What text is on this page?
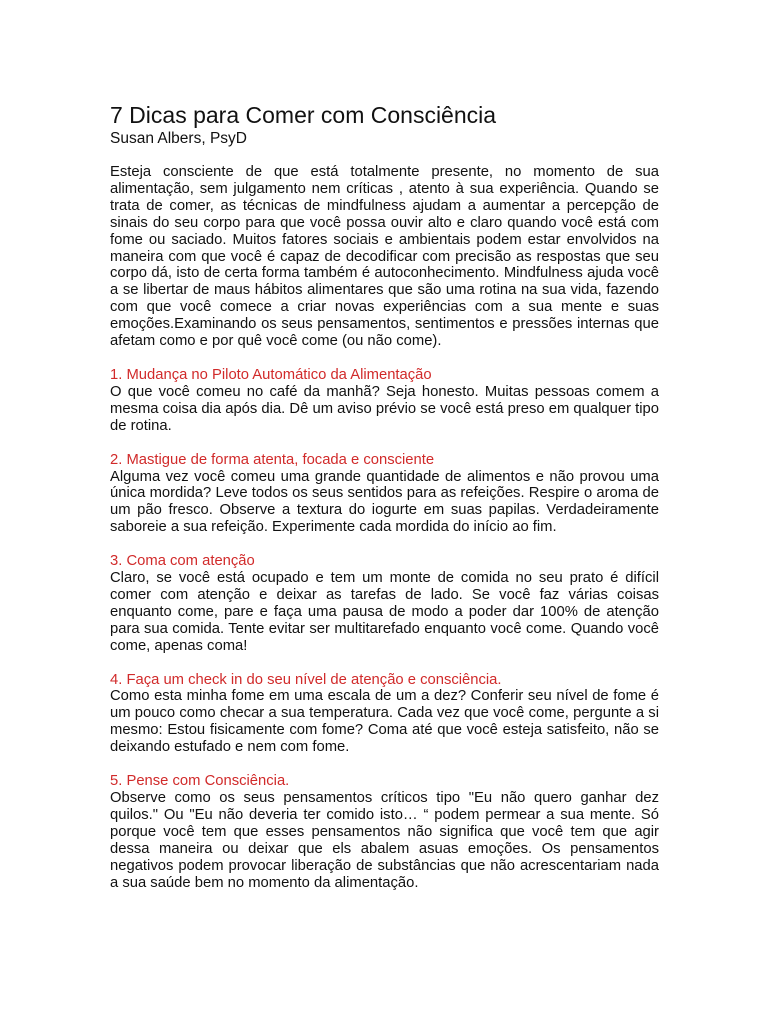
7 Dicas para Comer com Consciência

Susan Albers, PsyD

Esteja consciente de que está totalmente presente, no momento de sua alimentação, sem julgamento nem críticas , atento à sua experiência. Quando se trata de comer, as técnicas de mindfulness ajudam a aumentar a percepção de sinais do seu corpo para que você possa ouvir alto e claro quando você está com fome ou saciado. Muitos fatores sociais e ambientais podem estar envolvidos na maneira com que você é capaz de decodificar com precisão as respostas que seu corpo dá, isto de certa forma também é autoconhecimento. Mindfulness ajuda você a se libertar de maus hábitos alimentares que são uma rotina na sua vida, fazendo com que você comece a criar novas experiências com a sua mente e suas emoções.Examinando os seus pensamentos, sentimentos e pressões internas que afetam como e por quê você come (ou não come).

1. Mudança no Piloto Automático da Alimentação

O que você comeu no café da manhã? Seja honesto. Muitas pessoas comem a mesma coisa dia após dia. Dê um aviso prévio se você está preso em qualquer tipo de rotina.

2. Mastigue de forma atenta, focada e consciente

Alguma vez você comeu uma grande quantidade de alimentos e não provou uma única mordida? Leve todos os seus sentidos para as refeições. Respire o aroma de um pão fresco. Observe a textura do iogurte em suas papilas. Verdadeiramente saboreie a sua refeição. Experimente cada mordida do início ao fim.

3. Coma com atenção

Claro, se você está ocupado e tem um monte de comida no seu prato é difícil comer com atenção e deixar as tarefas de lado. Se você faz várias coisas enquanto come, pare e faça uma pausa de modo a poder dar 100% de atenção para sua comida. Tente evitar ser multitarefado enquanto você come. Quando você come, apenas coma!

4. Faça um check in do seu nível de atenção e consciência.

Como esta minha fome em uma escala de um a dez? Conferir seu nível de fome é um pouco como checar a sua temperatura. Cada vez que você come, pergunte a si mesmo: Estou fisicamente com fome? Coma até que você esteja satisfeito, não se deixando estufado e nem com fome.

5. Pense com Consciência.

Observe como os seus pensamentos críticos tipo "Eu não quero ganhar dez quilos." Ou "Eu não deveria ter comido isto… “ podem permear a sua mente. Só porque você tem que esses pensamentos não significa que você tem que agir dessa maneira ou deixar que els abalem asuas emoções. Os pensamentos negativos podem provocar liberação de substâncias que não acrescentariam nada a sua saúde bem no momento da alimentação.
